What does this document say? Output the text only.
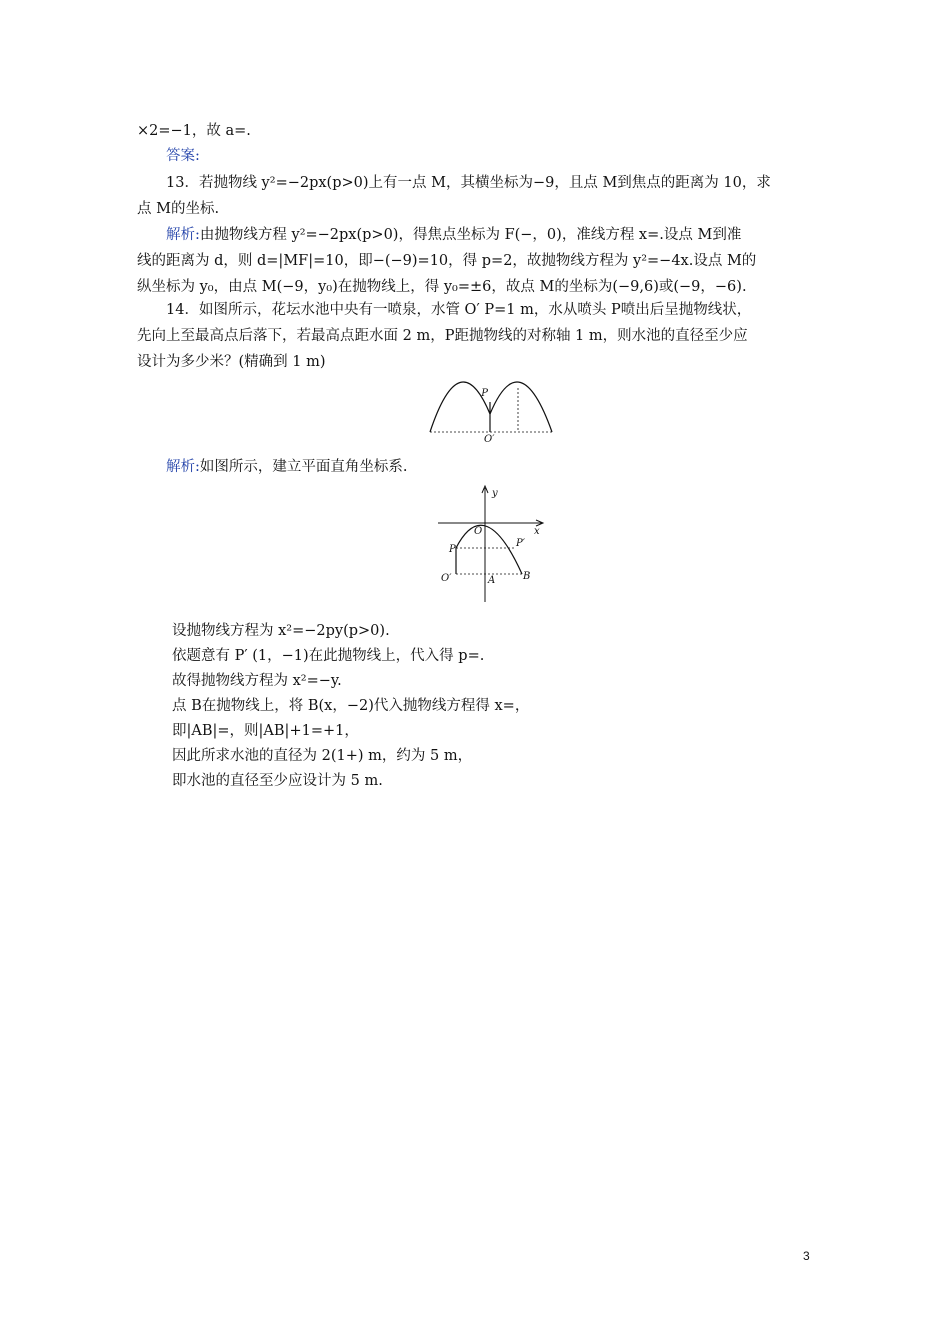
×2=−1，故 a=.
答案:
13．若抛物线 y²=−2px(p>0)上有一点 M，其横坐标为−9，且点 M到焦点的距离为 10，求
点 M的坐标.
解析:由抛物线方程 y²=−2px(p>0)，得焦点坐标为 F(−，0)，准线方程 x=.设点 M到准
线的距离为 d，则 d=|MF|=10，即−(−9)=10，得 p=2，故抛物线方程为 y²=−4x.设点 M的
纵坐标为 y₀，由点 M(−9，y₀)在抛物线上，得 y₀=±6，故点 M的坐标为(−9,6)或(−9，−6).
14．如图所示，花坛水池中央有一喷泉，水管 O′ P=1 m，水从喷头 P喷出后呈抛物线状，
先向上至最高点后落下，若最高点距水面 2 m，P距抛物线的对称轴 1 m，则水池的直径至少应
设计为多少米？(精确到 1 m)
P
O′
解析:如图所示，建立平面直角坐标系.
y
x
O
P
P′
O′	A	B
设抛物线方程为 x²=−2py(p>0).
依题意有 P′ (1，−1)在此抛物线上，代入得 p=.
故得抛物线方程为 x²=−y.
点 B在抛物线上，将 B(x，−2)代入抛物线方程得 x=，
即|AB|=，则|AB|+1=+1，
因此所求水池的直径为 2(1+) m，约为 5 m，
即水池的直径至少应设计为 5 m.
3
